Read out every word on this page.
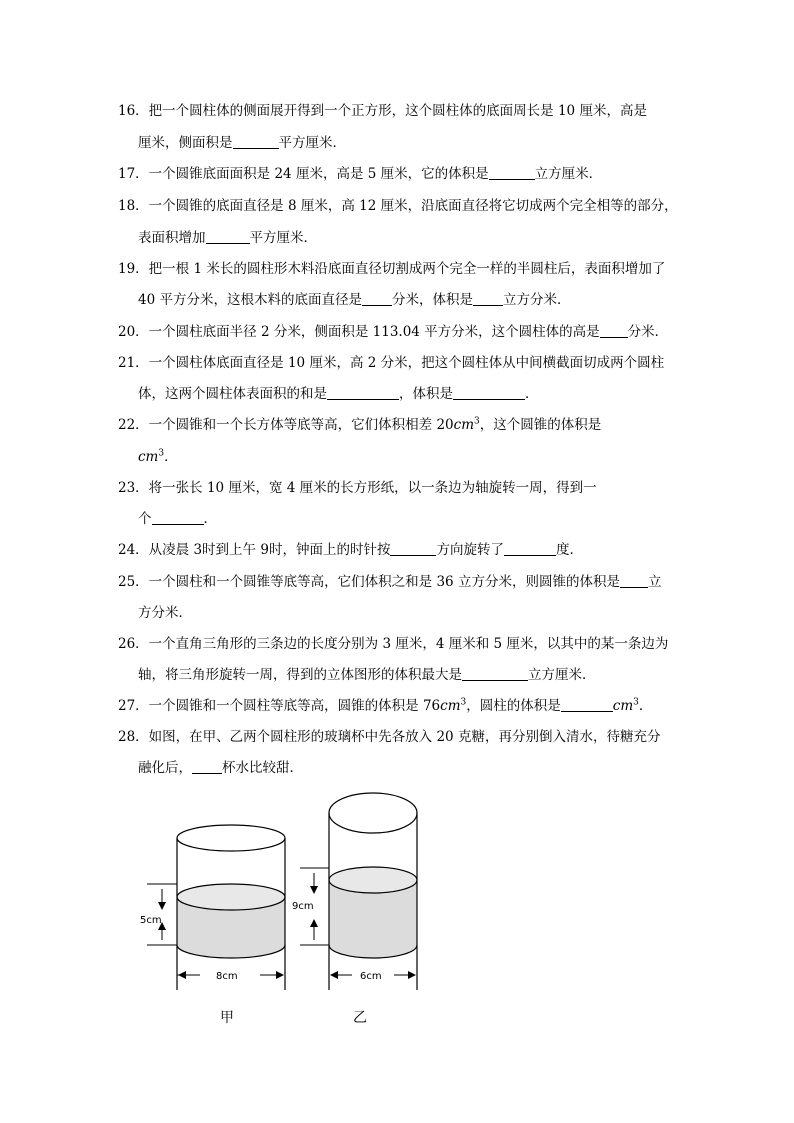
16．把一个圆柱体的侧面展开得到一个正方形，这个圆柱体的底面周长是 10 厘米，高是
厘米，侧面积是	平方厘米．
17．一个圆锥底面面积是 24 厘米，高是 5 厘米，它的体积是	立方厘米．
18．一个圆锥的底面直径是 8 厘米，高 12 厘米，沿底面直径将它切成两个完全相等的部分，
表面积增加	平方厘米．
19．把一根 1 米长的圆柱形木料沿底面直径切割成两个完全一样的半圆柱后，表面积增加了
40 平方分米，这根木料的底面直径是 分米，体积是 立方分米．
20．一个圆柱底面半径 2 分米，侧面积是 113.04 平方分米，这个圆柱体的高是 分米．
21．一个圆柱体底面直径是 10 厘米，高 2 分米，把这个圆柱体从中间横截面切成两个圆柱
体，这两个圆柱体表面积的和是	，体积是	．
22．一个圆锥和一个长方体等底等高，它们体积相差 $20cm^3$，这个圆锥的体积是
$cm^3$．
23．将一张长 10 厘米，宽 4 厘米的长方形纸，以一条边为轴旋转一周，得到一
个	．
24．从凌晨 3时到上午 9时，钟面上的时针按	方向旋转了	度．
25．一个圆柱和一个圆锥等底等高，它们体积之和是 36 立方分米，则圆锥的体积是 立
方分米．
26．一个直角三角形的三条边的长度分别为 3 厘米，4 厘米和 5 厘米，以其中的某一条边为
轴，将三角形旋转一周，得到的立体图形的体积最大是	立方厘米．
27．一个圆锥和一个圆柱等底等高，圆锥的体积是 $76cm^3$，圆柱的体积是	$cm^3$．
28．如图，在甲、乙两个圆柱形的玻璃杯中先各放入 20 克糖，再分别倒入清水，待糖充分
融化后， 杯水比较甜．
5cm
8cm
9cm
6cm
甲	乙
